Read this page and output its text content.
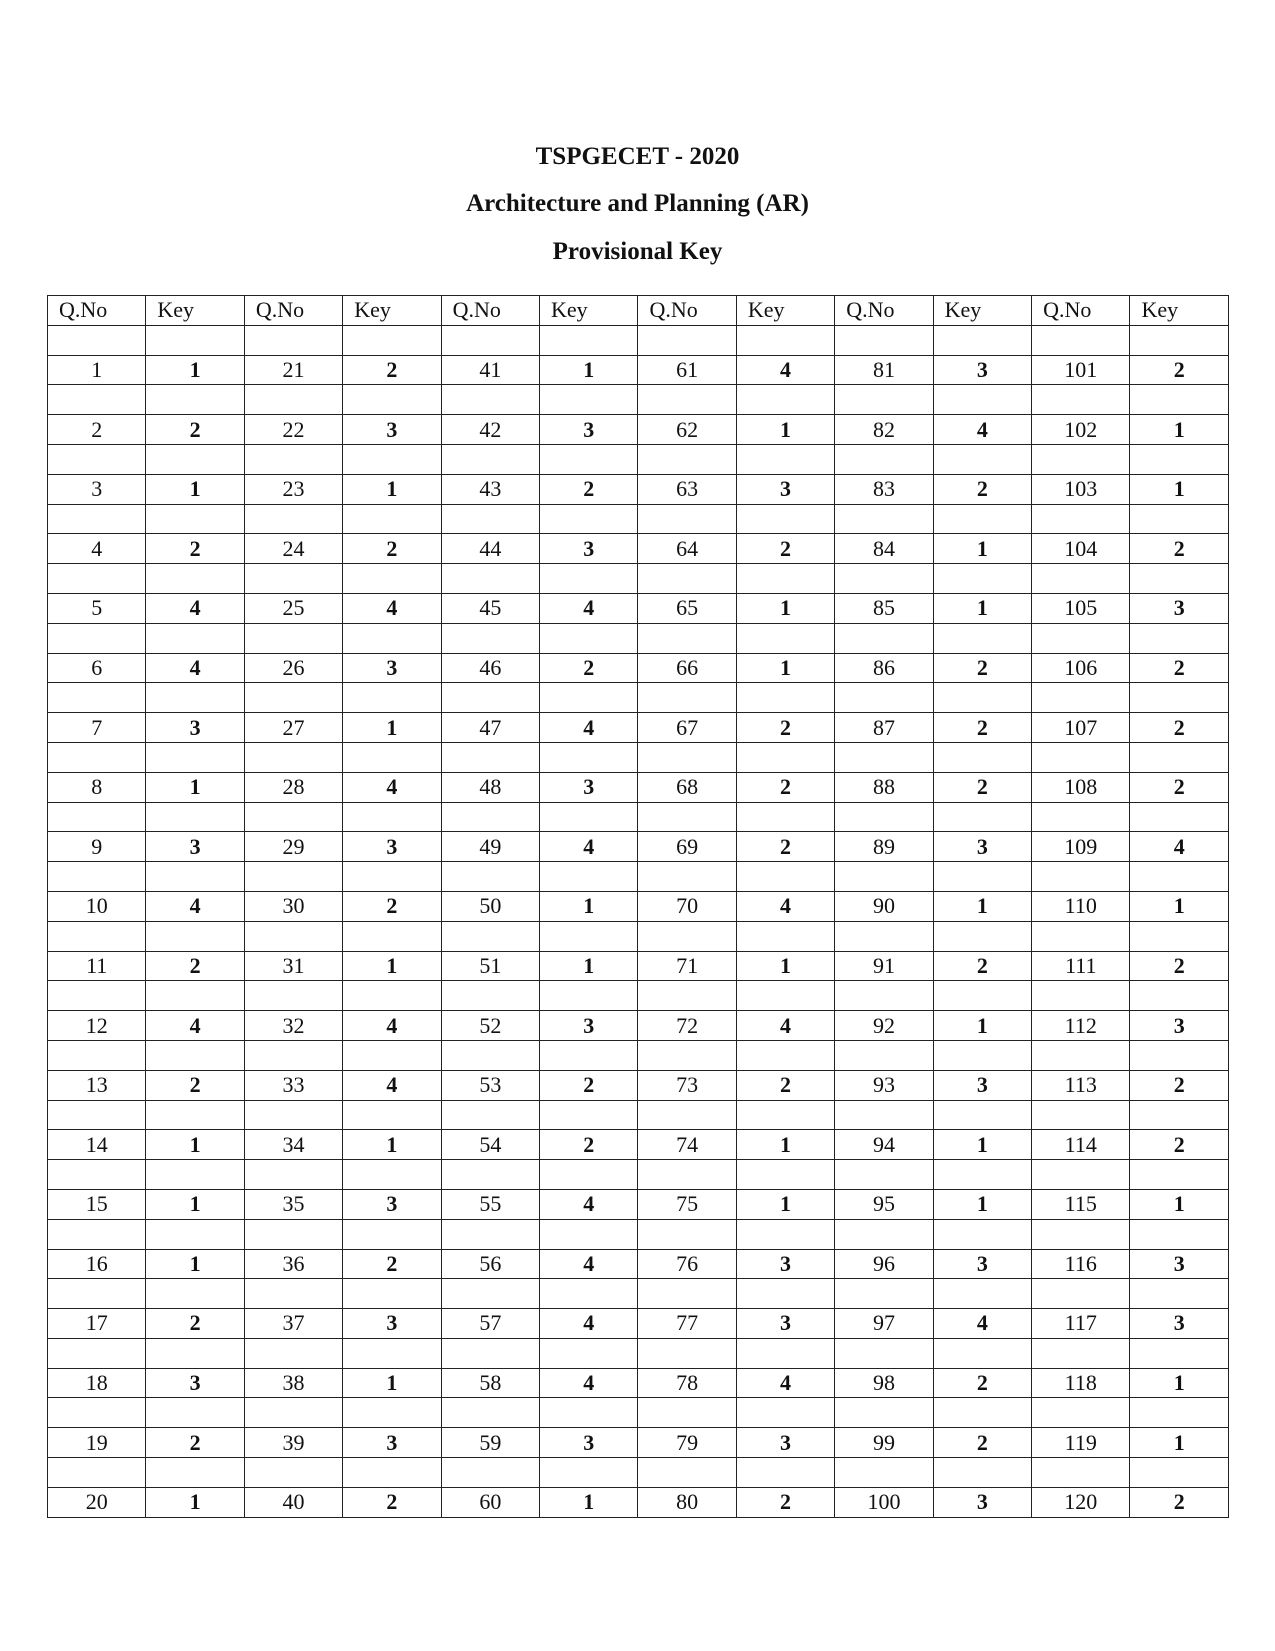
TSPGECET - 2020
Architecture and Planning (AR)
Provisional Key
Q.No	Key	Q.No	Key	Q.No	Key	Q.No	Key	Q.No	Key	Q.No	Key

1	1	21	2	41	1	61	4	81	3	101	2

2	2	22	3	42	3	62	1	82	4	102	1

3	1	23	1	43	2	63	3	83	2	103	1

4	2	24	2	44	3	64	2	84	1	104	2

5	4	25	4	45	4	65	1	85	1	105	3

6	4	26	3	46	2	66	1	86	2	106	2

7	3	27	1	47	4	67	2	87	2	107	2

8	1	28	4	48	3	68	2	88	2	108	2

9	3	29	3	49	4	69	2	89	3	109	4

10	4	30	2	50	1	70	4	90	1	110	1

11	2	31	1	51	1	71	1	91	2	111	2

12	4	32	4	52	3	72	4	92	1	112	3

13	2	33	4	53	2	73	2	93	3	113	2

14	1	34	1	54	2	74	1	94	1	114	2

15	1	35	3	55	4	75	1	95	1	115	1

16	1	36	2	56	4	76	3	96	3	116	3

17	2	37	3	57	4	77	3	97	4	117	3

18	3	38	1	58	4	78	4	98	2	118	1

19	2	39	3	59	3	79	3	99	2	119	1

20	1	40	2	60	1	80	2	100	3	120	2
